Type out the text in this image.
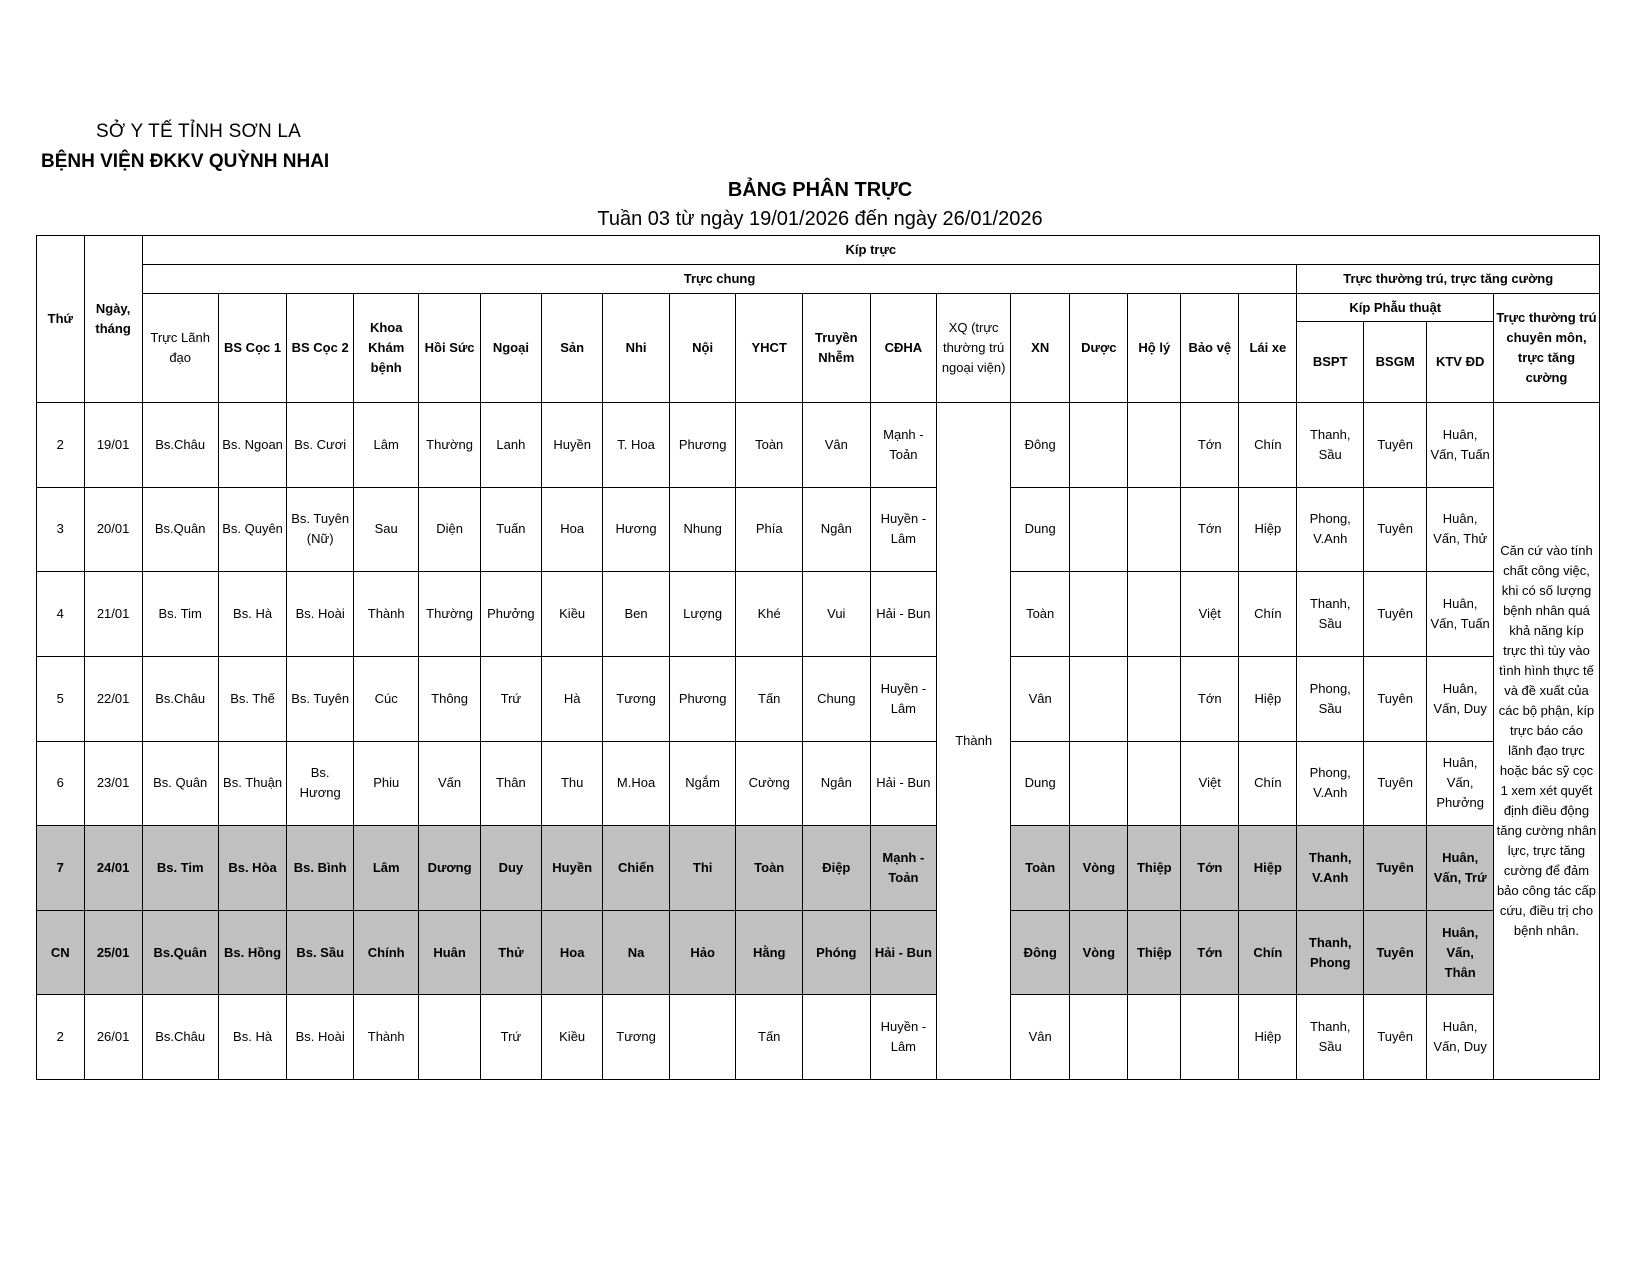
SỞ Y TẾ TỈNH SƠN LA
BỆNH VIỆN ĐKKV QUỲNH NHAI
BẢNG PHÂN TRỰC
Tuần 03 từ ngày 19/01/2026 đến ngày 26/01/2026
Thứ	Ngày, tháng	Kíp trực																					
		Trực chung																		Trực thường trú, trực tăng cường			
		Trực Lãnh đạo	BS Cọc 1	BS Cọc 2	Khoa Khám bệnh	Hồi Sức	Ngoại	Sản	Nhi	Nội	YHCT	Truyền Nhễm	CĐHA	XQ (trực thường trú ngoại viện)	XN	Dược	Hộ lý	Bảo vệ	Lái xe	Kíp Phẫu thuật			Trực thường trú chuyên môn, trực tăng cường
																				BSPT	BSGM	KTV ĐD	
2	19/01	Bs.Châu	Bs. Ngoan	Bs. Cươi	Lâm	Thường	Lanh	Huyền	T. Hoa	Phương	Toàn	Vân	Mạnh - Toản	Thành	Đông			Tớn	Chín	Thanh, Sầu	Tuyên	Huân, Vấn, Tuấn	Căn cứ vào tính chất công việc, khi có số lượng bệnh nhân quá khả năng kíp trực thì tùy vào tình hình thực tế và đề xuất của các bộ phận, kíp trực báo cáo lãnh đạo trực hoặc bác sỹ cọc 1 xem xét quyết định điều động tăng cường nhân lực, trực tăng cường để đảm bảo công tác cấp cứu, điều trị cho bệnh nhân.
3	20/01	Bs.Quân	Bs. Quyên	Bs. Tuyên (Nữ)	Sau	Diện	Tuấn	Hoa	Hương	Nhung	Phía	Ngân	Huyền - Lâm		Dung			Tớn	Hiệp	Phong, V.Anh	Tuyên	Huân, Vấn, Thử	
4	21/01	Bs. Tim	Bs. Hà	Bs. Hoài	Thành	Thường	Phưởng	Kiều	Ben	Lượng	Khé	Vui	Hải - Bun		Toàn			Việt	Chín	Thanh, Sầu	Tuyên	Huân, Vấn, Tuấn	
5	22/01	Bs.Châu	Bs. Thế	Bs. Tuyên	Cúc	Thông	Trứ	Hà	Tương	Phương	Tấn	Chung	Huyền - Lâm		Vân			Tớn	Hiệp	Phong, Sầu	Tuyên	Huân, Vấn, Duy	
6	23/01	Bs. Quân	Bs. Thuận	Bs. Hương	Phiu	Vấn	Thân	Thu	M.Hoa	Ngắm	Cường	Ngân	Hải - Bun		Dung			Việt	Chín	Phong, V.Anh	Tuyên	Huân, Vấn, Phưởng	
7	24/01	Bs. Tim	Bs. Hòa	Bs. Bình	Lâm	Dương	Duy	Huyền	Chiến	Thi	Toàn	Điệp	Mạnh - Toản		Toàn	Vòng	Thiệp	Tớn	Hiệp	Thanh, V.Anh	Tuyên	Huân, Vấn, Trứ	
CN	25/01	Bs.Quân	Bs. Hồng	Bs. Sầu	Chính	Huân	Thử	Hoa	Na	Hảo	Hằng	Phóng	Hải - Bun		Đông	Vòng	Thiệp	Tớn	Chín	Thanh, Phong	Tuyên	Huân, Vấn, Thân	
2	26/01	Bs.Châu	Bs. Hà	Bs. Hoài	Thành		Trứ	Kiều	Tương		Tấn		Huyền - Lâm		Vân				Hiệp	Thanh, Sầu	Tuyên	Huân, Vấn, Duy	
